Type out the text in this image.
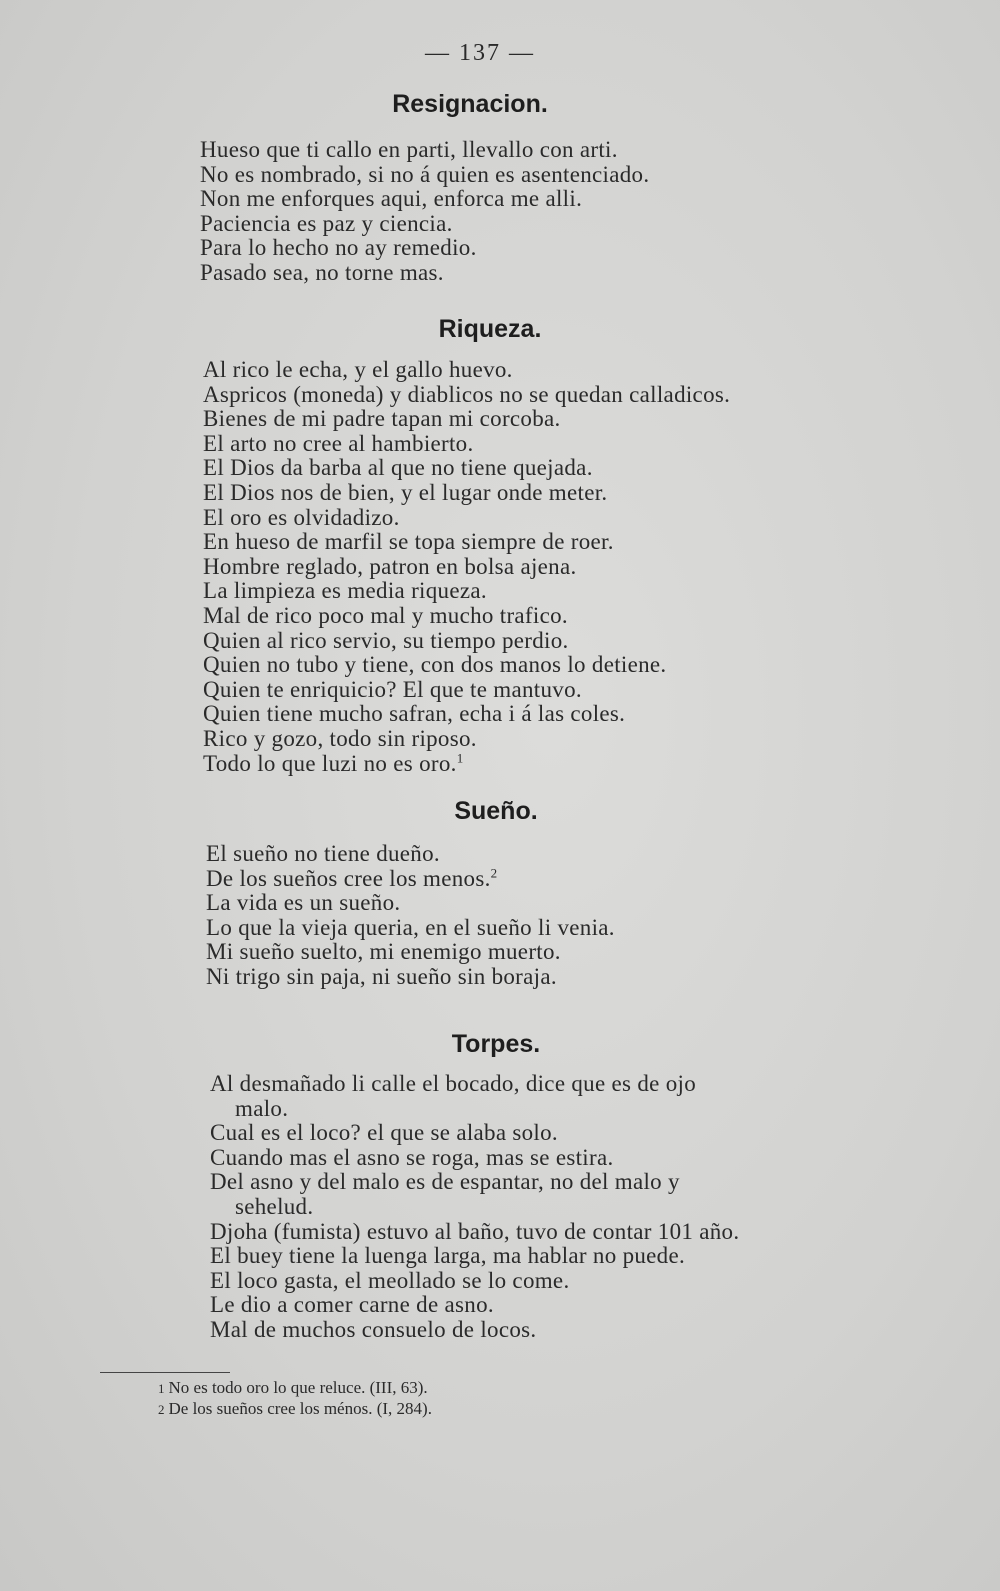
— 137 —
Resignacion.
Hueso que ti callo en parti, llevallo con arti.
No es nombrado, si no á quien es asentenciado.
Non me enforques aqui, enforca me alli.
Paciencia es paz y ciencia.
Para lo hecho no ay remedio.
Pasado sea, no torne mas.
Riqueza.
Al rico le echa, y el gallo huevo.
Aspricos (moneda) y diablicos no se quedan calladicos.
Bienes de mi padre tapan mi corcoba.
El arto no cree al hambierto.
El Dios da barba al que no tiene quejada.
El Dios nos de bien, y el lugar onde meter.
El oro es olvidadizo.
En hueso de marfil se topa siempre de roer.
Hombre reglado, patron en bolsa ajena.
La limpieza es media riqueza.
Mal de rico poco mal y mucho trafico.
Quien al rico servio, su tiempo perdio.
Quien no tubo y tiene, con dos manos lo detiene.
Quien te enriquicio? El que te mantuvo.
Quien tiene mucho safran, echa i á las coles.
Rico y gozo, todo sin riposo.
Todo lo que luzi no es oro.$^1$
Sueño.
El sueño no tiene dueño.
De los sueños cree los menos.$^2$
La vida es un sueño.
Lo que la vieja queria, en el sueño li venia.
Mi sueño suelto, mi enemigo muerto.
Ni trigo sin paja, ni sueño sin boraja.
Torpes.
Al desmañado li calle el bocado, dice que es de ojo
malo.
Cual es el loco? el que se alaba solo.
Cuando mas el asno se roga, mas se estira.
Del asno y del malo es de espantar, no del malo y
sehelud.
Djoha (fumista) estuvo al baño, tuvo de contar 101 año.
El buey tiene la luenga larga, ma hablar no puede.
El loco gasta, el meollado se lo come.
Le dio a comer carne de asno.
Mal de muchos consuelo de locos.
1 No es todo oro lo que reluce. (III, 63).
2 De los sueños cree los ménos. (I, 284).
